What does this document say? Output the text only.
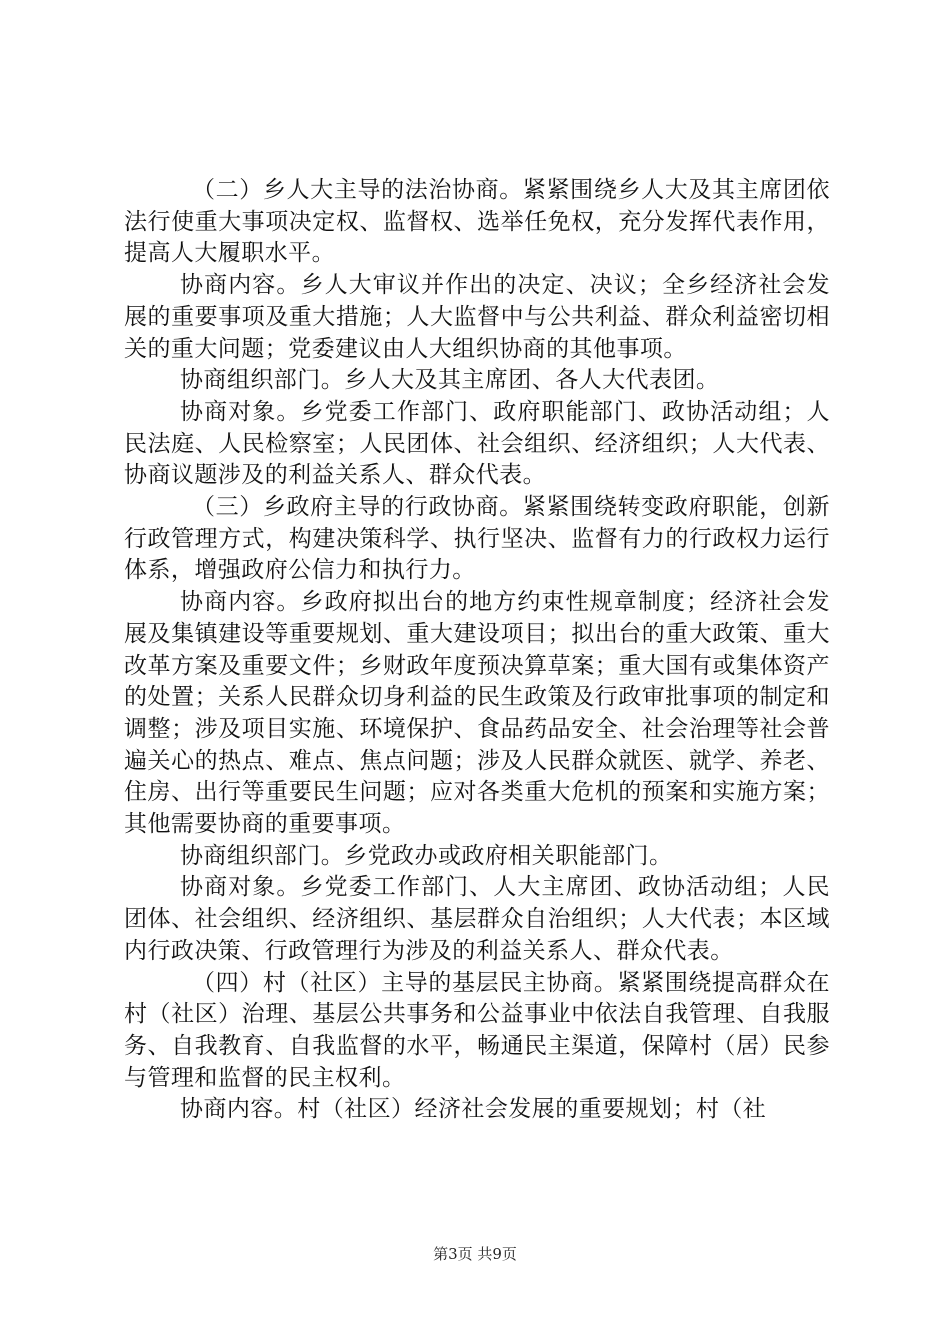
（二）乡人大主导的法治协商。紧紧围绕乡人大及其主席团依法行使重大事项决定权、监督权、选举任免权，充分发挥代表作用，提高人大履职水平。

协商内容。乡人大审议并作出的决定、决议；全乡经济社会发展的重要事项及重大措施；人大监督中与公共利益、群众利益密切相关的重大问题；党委建议由人大组织协商的其他事项。

协商组织部门。乡人大及其主席团、各人大代表团。

协商对象。乡党委工作部门、政府职能部门、政协活动组；人民法庭、人民检察室；人民团体、社会组织、经济组织；人大代表、协商议题涉及的利益关系人、群众代表。

（三）乡政府主导的行政协商。紧紧围绕转变政府职能，创新行政管理方式，构建决策科学、执行坚决、监督有力的行政权力运行体系，增强政府公信力和执行力。

协商内容。乡政府拟出台的地方约束性规章制度；经济社会发展及集镇建设等重要规划、重大建设项目；拟出台的重大政策、重大改革方案及重要文件；乡财政年度预决算草案；重大国有或集体资产的处置；关系人民群众切身利益的民生政策及行政审批事项的制定和调整；涉及项目实施、环境保护、食品药品安全、社会治理等社会普遍关心的热点、难点、焦点问题；涉及人民群众就医、就学、养老、住房、出行等重要民生问题；应对各类重大危机的预案和实施方案；其他需要协商的重要事项。

协商组织部门。乡党政办或政府相关职能部门。

协商对象。乡党委工作部门、人大主席团、政协活动组；人民团体、社会组织、经济组织、基层群众自治组织；人大代表；本区域内行政决策、行政管理行为涉及的利益关系人、群众代表。

（四）村（社区）主导的基层民主协商。紧紧围绕提高群众在村（社区）治理、基层公共事务和公益事业中依法自我管理、自我服务、自我教育、自我监督的水平，畅通民主渠道，保障村（居）民参与管理和监督的民主权利。

协商内容。村（社区）经济社会发展的重要规划；村（社

第3页 共9页
